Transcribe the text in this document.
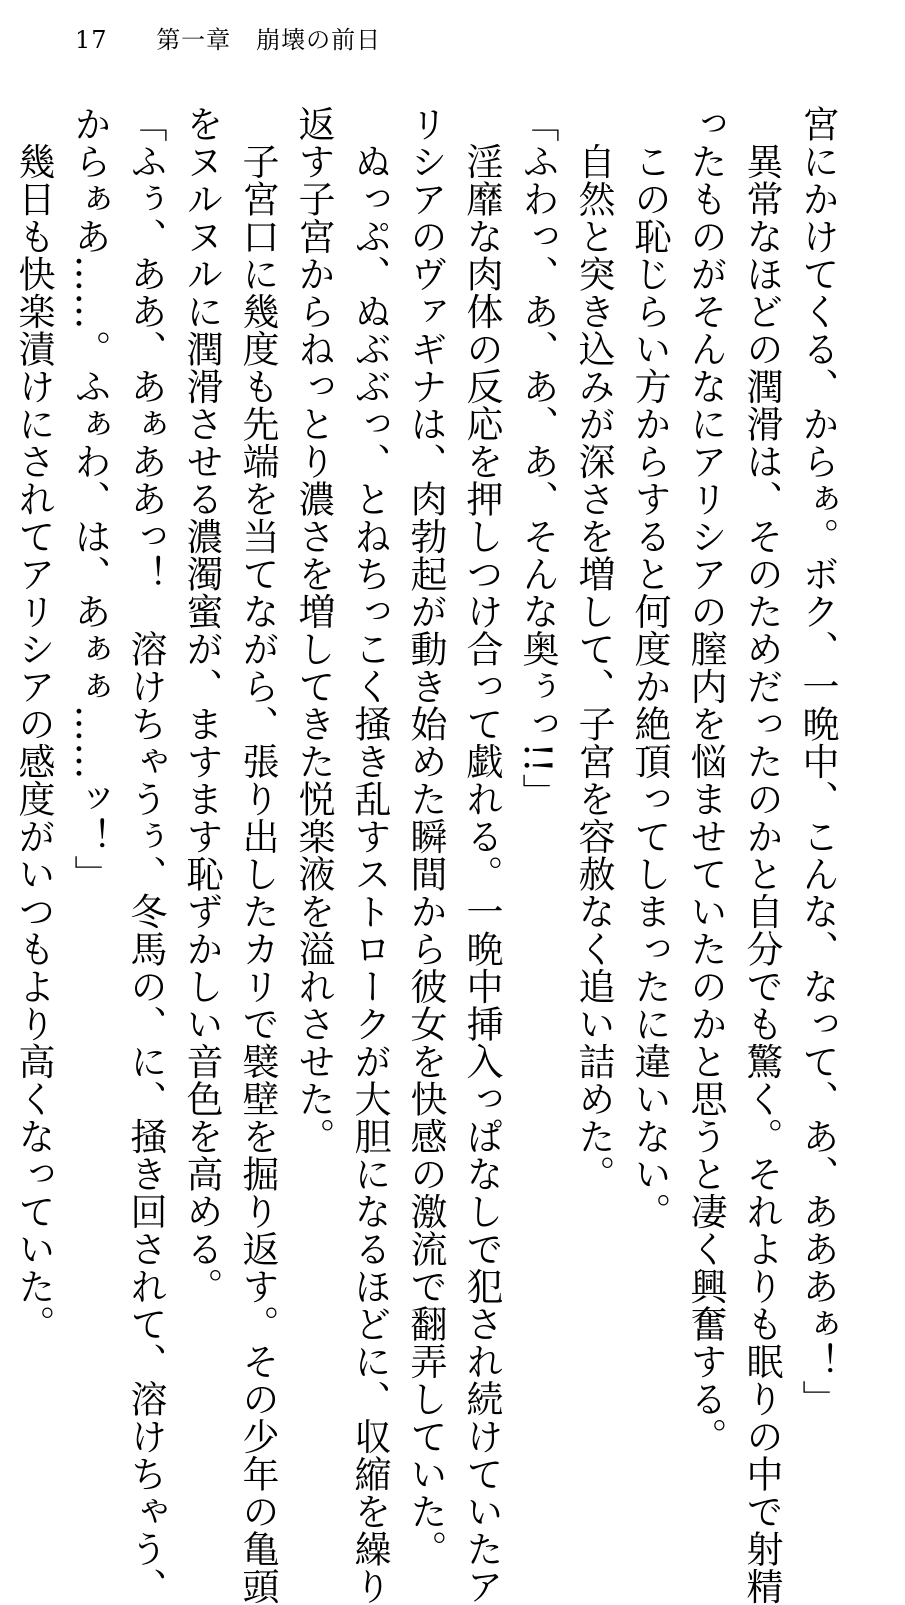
17 第一章　崩壊の前日
宮にかけてくる、からぁ。ボク、一晩中、こんな、なって、あ、あああぁ！」
　異常なほどの潤滑は、そのためだったのかと自分でも驚く。それよりも眠りの中で射精
ったものがそんなにアリシアの膣内を悩ませていたのかと思うと凄く興奮する。
　この恥じらい方からすると何度か絶頂ってしまったに違いない。
　自然と突き込みが深さを増して、子宮を容赦なく追い詰めた。
「ふわっ、あ、あ、あ、そんな奥ぅっ!!」
　淫靡な肉体の反応を押しつけ合って戯れる。一晩中挿入っぱなしで犯され続けていたア
リシアのヴァギナは、肉勃起が動き始めた瞬間から彼女を快感の激流で翻弄していた。
　ぬっぷ、ぬぶぶっ、とねちっこく掻き乱すストロークが大胆になるほどに、収縮を繰り
返す子宮からねっとり濃さを増してきた悦楽液を溢れさせた。
　子宮口に幾度も先端を当てながら、張り出したカリで襞壁を掘り返す。その少年の亀頭
をヌルヌルに潤滑させる濃濁蜜が、ますます恥ずかしい音色を高める。
「ふぅ、ああ、あぁああっ！　溶けちゃうぅ、冬馬の、に、掻き回されて、溶けちゃう、
からぁあ……。ふぁわ、は、あぁぁ……ッ！」
　幾日も快楽漬けにされてアリシアの感度がいつもより高くなっていた。
